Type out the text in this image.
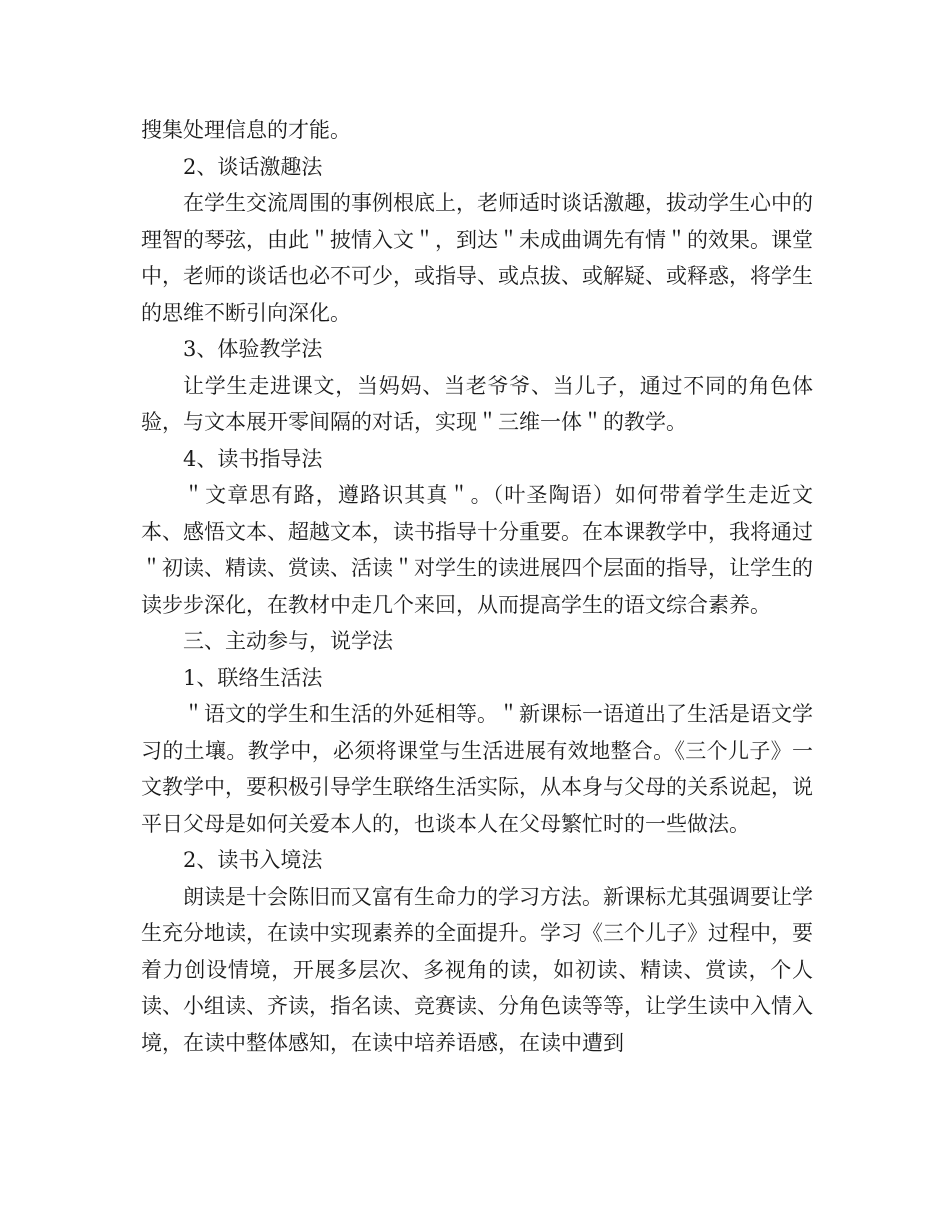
搜集处理信息的才能。

2、谈话激趣法

在学生交流周围的事例根底上，老师适时谈话激趣，拔动学生心中的理智的琴弦，由此＂披情入文＂，到达＂未成曲调先有情＂的效果。课堂中，老师的谈话也必不可少，或指导、或点拔、或解疑、或释惑，将学生的思维不断引向深化。

3、体验教学法

让学生走进课文，当妈妈、当老爷爷、当儿子，通过不同的角色体验，与文本展开零间隔的对话，实现＂三维一体＂的教学。

4、读书指导法

＂文章思有路，遵路识其真＂。（叶圣陶语）如何带着学生走近文本、感悟文本、超越文本，读书指导十分重要。在本课教学中，我将通过＂初读、精读、赏读、活读＂对学生的读进展四个层面的指导，让学生的读步步深化，在教材中走几个来回，从而提高学生的语文综合素养。

三、主动参与，说学法

1、联络生活法

＂语文的学生和生活的外延相等。＂新课标一语道出了生活是语文学习的土壤。教学中，必须将课堂与生活进展有效地整合。《三个儿子》一文教学中，要积极引导学生联络生活实际，从本身与父母的关系说起，说平日父母是如何关爱本人的，也谈本人在父母繁忙时的一些做法。

2、读书入境法

朗读是十会陈旧而又富有生命力的学习方法。新课标尤其强调要让学生充分地读，在读中实现素养的全面提升。学习《三个儿子》过程中，要着力创设情境，开展多层次、多视角的读，如初读、精读、赏读，个人读、小组读、齐读，指名读、竞赛读、分角色读等等，让学生读中入情入境，在读中整体感知，在读中培养语感，在读中遭到
